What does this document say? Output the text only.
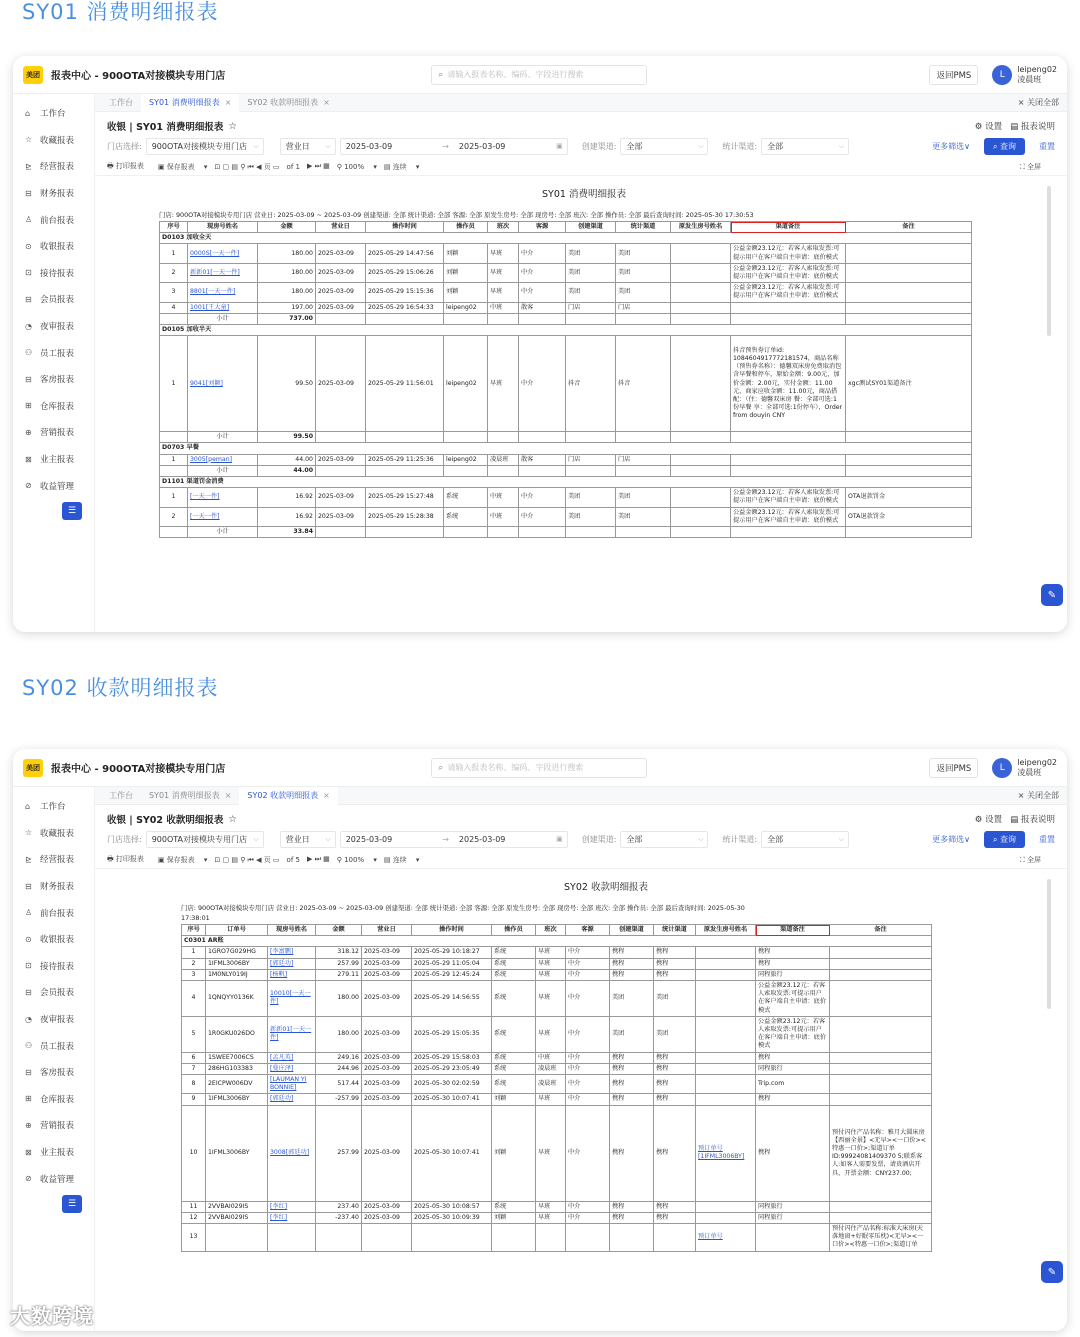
SY01 消费明细报表
SY02 收款明细报表
美团	报表中心 - 900OTA对接模块专用门店	⌕ 请输入报表名称、编码、字段进行搜索	返回PMS	L
leipeng02
凌晨班
⌂	工作台
☆ 收藏报表
⊵ 经营报表
⊟ 财务报表
♙ 前台报表
⊙ 收银报表
⊡ 接待报表
⊟ 会员报表
◔ 夜审报表
⚇ 员工报表
⊟ 客房报表
⊞ 仓库报表
⊕ 营销报表
⊠ 业主报表
⊘ 收益管理
☰
工作台	SY01 消费明细报表 × SY02 收款明细报表 ×	× 关闭全部
收银 | SY01 消费明细报表 ☆	⚙ 设置 ▤ 报表说明
门店选择: 900OTA对接模块专用门店 ⌵	营业日 ⌵ 2025-03-09	→ 2025-03-09	▣ 创建渠道: 全部	⌵ 统计渠道: 全部	⌵	更多筛选∨	⌕ 查询	重置
🖶 打印报表	▣ 保存报表 ▾ ⊡ ▢ ▤ ⚲ ⏮ ◀ 页 ▭ of 1 ▶ ⏭ ▦ ⚲ 100% ▾ ▤ 连续 ▾	⛶ 全屏
SY01 消费明细报表
门店: 900OTA对接模块专用门店 营业日: 2025-03-09 ~ 2025-03-09 创建渠道: 全部 统计渠道: 全部 客源: 全部 原发生房号: 全部 现房号: 全部 班次: 全部 操作员: 全部 最后查询时间: 2025-05-30 17:30:53
序号	现房号姓名	金额	营业日	操作时间	操作员	班次	客源	创建渠道	统计渠道	原发生房号姓名	渠道备注	备注
D0103 加收全天												
1	0000S[一天一件]	180.00	2025-03-09	2025-05-29 14:47:56	刘颖	早班	中介	美团	美团		公益金额23.12元：若客人索取发票:可提示用户在客户端自主申请：底价模式	
2	新新01[一天一件]	180.00	2025-03-09	2025-05-29 15:06:26	刘颖	早班	中介	美团	美团		公益金额23.12元：若客人索取发票:可提示用户在客户端自主申请：底价模式	
3	8801[一天一件]	180.00	2025-03-09	2025-05-29 15:15:36	刘颖	早班	中介	美团	美团		公益金额23.12元：若客人索取发票:可提示用户在客户端自主申请：底价模式	
4	1001[王大童]	197.00	2025-03-09	2025-05-29 16:54:33	leipeng02	中班	散客	门店	门店			
	小计	737.00										
D0105 加收半天												
1	9041[刘颖]	99.50	2025-03-09	2025-05-29 11:56:01	leipeng02	早班	中介	抖音	抖音		抖音预售券订单id: 1084604917772181574，商品名称（预售券名称）：德馨双床房免费取消包含早餐和停车，原始金额：9.00元，加价金额：2.00元，实付金额：11.00元，商家应收金额：11.00元，商品搭配：（住：德馨双床房 餐：全部可选:1份早餐 享：全部可选:1份停车），Order from douyin CNY	xgc测试SY01渠道备注
	小计	99.50										
D0703 早餐												
1	3005[peman]	44.00	2025-03-09	2025-05-29 11:25:36	leipeng02	凌晨班	散客	门店	门店			
	小计	44.00										
D1101 渠道罚金消费												
1	[一天一件]	16.92	2025-03-09	2025-05-29 15:27:48	系统	中班	中介	美团	美团		公益金额23.12元：若客人索取发票:可提示用户在客户端自主申请：底价模式	OTA退款罚金
2	[一天一件]	16.92	2025-03-09	2025-05-29 15:28:38	系统	中班	中介	美团	美团		公益金额23.12元：若客人索取发票:可提示用户在客户端自主申请：底价模式	OTA退款罚金
	小计	33.84										
✎
美团	报表中心 - 900OTA对接模块专用门店	⌕ 请输入报表名称、编码、字段进行搜索	返回PMS	L
leipeng02
凌晨班
⌂	工作台
☆ 收藏报表
⊵ 经营报表
⊟ 财务报表
♙ 前台报表
⊙ 收银报表
⊡ 接待报表
⊟ 会员报表
◔ 夜审报表
⚇ 员工报表
⊟ 客房报表
⊞ 仓库报表
⊕ 营销报表
⊠ 业主报表
⊘ 收益管理
☰
工作台	SY01 消费明细报表 × SY02 收款明细报表 ×	× 关闭全部
收银 | SY02 收款明细报表 ☆	⚙ 设置 ▤ 报表说明
门店选择: 900OTA对接模块专用门店 ⌵	营业日 ⌵ 2025-03-09	→ 2025-03-09	▣ 创建渠道: 全部	⌵ 统计渠道: 全部	⌵	更多筛选∨	⌕ 查询	重置
🖶 打印报表	▣ 保存报表 ▾ ⊡ ▢ ▤ ⚲ ⏮ ◀ 页 ▭ of 5 ▶ ⏭ ▦ ⚲ 100% ▾ ▤ 连续 ▾	⛶ 全屏
SY02 收款明细报表
门店: 900OTA对接模块专用门店 营业日: 2025-03-09 ~ 2025-03-09 创建渠道: 全部 统计渠道: 全部 客源: 全部 原发生房号: 全部 现房号: 全部 班次: 全部 操作员: 全部 最后查询时间: 2025-05-30
17:38:01
序号	订单号	现房号姓名	金额	营业日	操作时间	操作员	班次	客源	创建渠道	统计渠道	原发生房号姓名	渠道备注	备注
C0301 AR账													
1	1GRO7G029HG	[李富鹏]	318.12	2025-03-09	2025-05-29 10:18:27	系统	早班	中介	携程	携程		携程	
2	1IFML3006BY	[郭廷功]	257.99	2025-03-09	2025-05-29 11:05:04	系统	早班	中介	携程	携程		携程	
3	1M0NLY019IJ	[杨帆]	279.11	2025-03-09	2025-05-29 12:45:24	系统	早班	中介	携程	携程		同程旅行	
4	1QNQYY0136K	10010[一天一件]	180.00	2025-03-09	2025-05-29 14:56:55	系统	早班	中介	美团	美团		公益金额23.12元：若客人索取发票:可提示用户在客户端自主申请：底价模式	
5	1R0GKU026DO	新新01[一天一件]	180.00	2025-03-09	2025-05-29 15:05:35	系统	早班	中介	美团	美团		公益金额23.12元：若客人索取发票:可提示用户在客户端自主申请：底价模式	
6	1SWEE7006CS	[孟凡英]	249.16	2025-03-09	2025-05-29 15:58:03	系统	中班	中介	携程	携程		携程	
7	286HG103383	[曼庄泽]	244.96	2025-03-09	2025-05-29 23:05:49	系统	凌晨班	中介	携程	携程		同程旅行	
8	2EICPW006DV	[LAUMAN YI BONNIE]	517.44	2025-03-09	2025-05-30 02:02:59	系统	凌晨班	中介	携程	携程		Trip.com	
9	1IFML3006BY	[郭廷功]	-257.99	2025-03-09	2025-05-30 10:07:41	刘颖	早班	中介	携程	携程		携程	
10	1IFML3006BY	3008[郭廷功]	257.99	2025-03-09	2025-05-30 10:07:41	刘颖	早班	中介	携程	携程	预订单号[1IFML3006BY]	携程	预付闪住产品名称：雅月大圆床房【西丽全景】<无早><一口价><特惠一口价>;渠道订单ID:99924081409370 5;联系客人:如客人需要发票，请贵酒店开具，开票金额：CNY237.00;
11	2VVBAI029IS	[李红]	237.40	2025-03-09	2025-05-30 10:08:57	系统	早班	中介	携程	携程		同程旅行	
12	2VVBAI029IS	[李红]	-237.40	2025-03-09	2025-05-30 10:09:39	刘颖	早班	中介	携程	携程		同程旅行	
13											预订单号		预付闪住产品名称:标准大床房(天落地窗+好眠零压枕)<无早><一口价><特惠一口价>;渠道订单
✎
大数跨境
